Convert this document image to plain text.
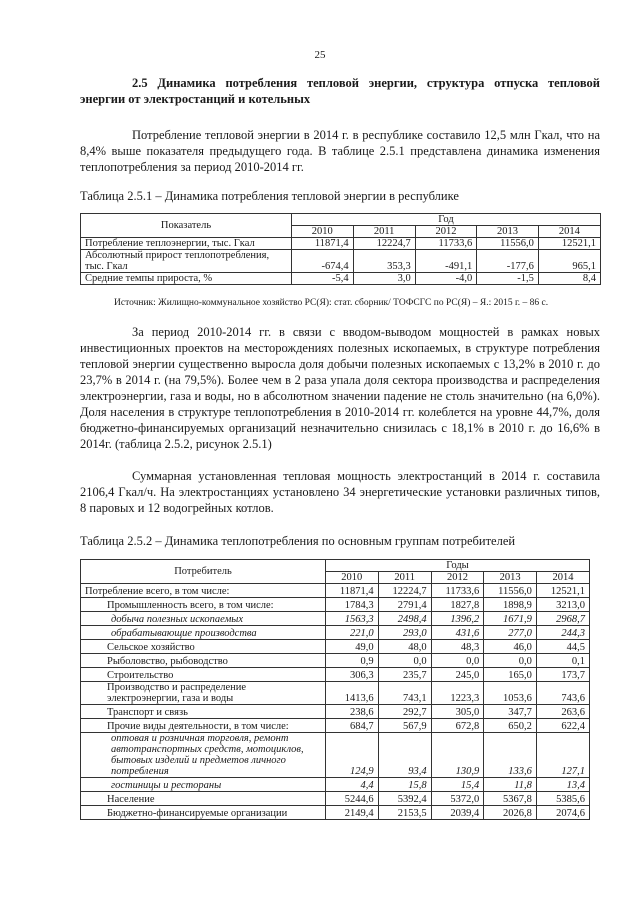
25
2.5 Динамика потребления тепловой энергии, структура отпуска тепловой энергии от электростанций и котельных
Потребление тепловой энергии в 2014 г. в республике составило 12,5 млн Гкал, что на 8,4% выше показателя предыдущего года. В таблице 2.5.1 представлена динамика изменения теплопотребления за период 2010-2014 гг.
Таблица 2.5.1 – Динамика потребления тепловой энергии в республике
Показатель	Год				
	2010	2011	2012	2013	2014
Потребление теплоэнергии, тыс. Гкал	11871,4	12224,7	11733,6	11556,0	12521,1
Абсолютный прирост теплопотребления, тыс. Гкал	-674,4	353,3	-491,1	-177,6	965,1
Средние темпы прироста, %	-5,4	3,0	-4,0	-1,5	8,4
Источник: Жилищно-коммунальное хозяйство РС(Я): стат. сборник/ ТОФСГС по РС(Я) – Я.: 2015 г. – 86 с.
За период 2010-2014 гг. в связи с вводом-выводом мощностей в рамках новых инвестиционных проектов на месторождениях полезных ископаемых, в структуре потребления тепловой энергии существенно выросла доля добычи полезных ископаемых с 13,2% в 2010 г. до 23,7% в 2014 г. (на 79,5%). Более чем в 2 раза упала доля сектора производства и распределения электроэнергии, газа и воды, но в абсолютном значении падение не столь значительно (на 6,0%). Доля населения в структуре теплопотребления в 2010-2014 гг. колеблется на уровне 44,7%, доля бюджетно-финансируемых организаций незначительно снизилась с 18,1% в 2010 г. до 16,6% в 2014г. (таблица 2.5.2, рисунок 2.5.1)
Суммарная установленная тепловая мощность электростанций в 2014 г. составила 2106,4 Гкал/ч. На электростанциях установлено 34 энергетические установки различных типов, 8 паровых и 12 водогрейных котлов.
Таблица 2.5.2 – Динамика теплопотребления по основным группам потребителей
Потребитель	Годы				
	2010	2011	2012	2013	2014
Потребление всего, в том числе:	11871,4	12224,7	11733,6	11556,0	12521,1
Промышленность всего, в том числе:	1784,3	2791,4	1827,8	1898,9	3213,0
добыча полезных ископаемых	1563,3	2498,4	1396,2	1671,9	2968,7
обрабатывающие производства	221,0	293,0	431,6	277,0	244,3
Сельское хозяйство	49,0	48,0	48,3	46,0	44,5
Рыболовство, рыбоводство	0,9	0,0	0,0	0,0	0,1
Строительство	306,3	235,7	245,0	165,0	173,7
Производство и распределение электроэнергии, газа и воды	1413,6	743,1	1223,3	1053,6	743,6
Транспорт и связь	238,6	292,7	305,0	347,7	263,6
Прочие виды деятельности, в том числе:	684,7	567,9	672,8	650,2	622,4
оптовая и розничная торговля, ремонт автотранспортных средств, мотоциклов, бытовых изделий и предметов личного потребления	124,9	93,4	130,9	133,6	127,1
гостиницы и рестораны	4,4	15,8	15,4	11,8	13,4
Население	5244,6	5392,4	5372,0	5367,8	5385,6
Бюджетно-финансируемые организации	2149,4	2153,5	2039,4	2026,8	2074,6
